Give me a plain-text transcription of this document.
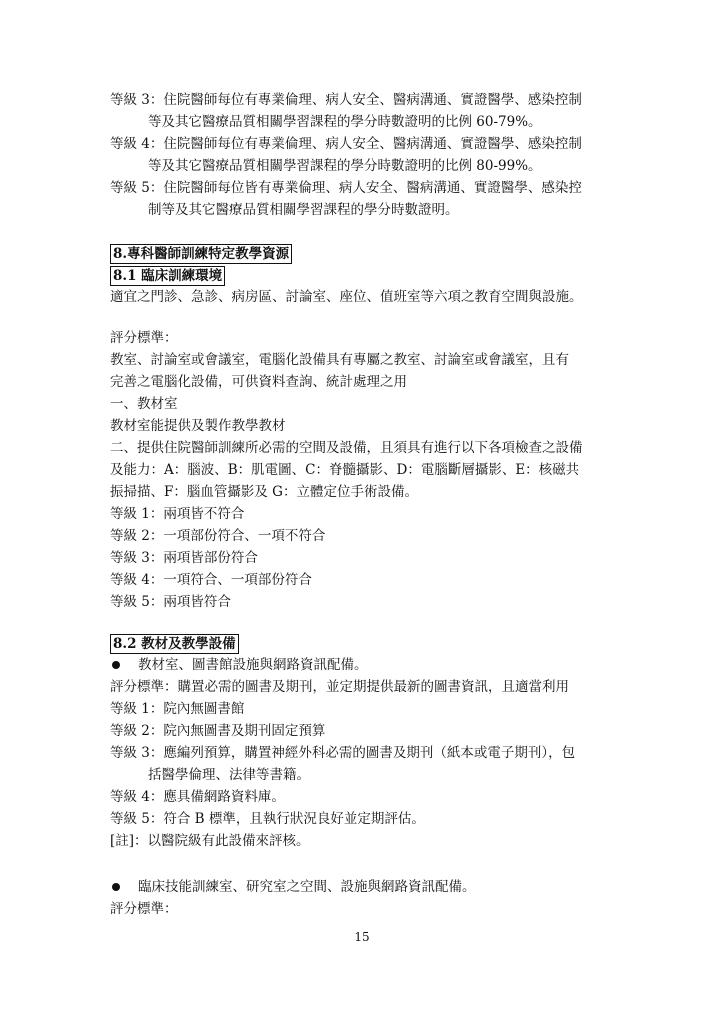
等級 3：住院醫師每位有專業倫理、病人安全、醫病溝通、實證醫學、感染控制
等及其它醫療品質相關學習課程的學分時數證明的比例 60-79%。
等級 4：住院醫師每位有專業倫理、病人安全、醫病溝通、實證醫學、感染控制
等及其它醫療品質相關學習課程的學分時數證明的比例 80-99%。
等級 5：住院醫師每位皆有專業倫理、病人安全、醫病溝通、實證醫學、感染控
制等及其它醫療品質相關學習課程的學分時數證明。
8.專科醫師訓練特定教學資源
8.1 臨床訓練環境
適宜之門診、急診、病房區、討論室、座位、值班室等六項之教育空間與設施。
評分標準：
教室、討論室或會議室，電腦化設備具有專屬之教室、討論室或會議室，且有
完善之電腦化設備，可供資料查詢、統計處理之用
一、教材室
教材室能提供及製作教學教材
二、提供住院醫師訓練所必需的空間及設備，且須具有進行以下各項檢查之設備
及能力：A：腦波、B：肌電圖、C：脊髓攝影、D：電腦斷層攝影、E：核磁共
振掃描、F：腦血管攝影及 G：立體定位手術設備。
等級 1：兩項皆不符合
等級 2：一項部份符合、一項不符合
等級 3：兩項皆部份符合
等級 4：一項符合、一項部份符合
等級 5：兩項皆符合
8.2 教材及教學設備
教材室、圖書館設施與網路資訊配備。
評分標準：購置必需的圖書及期刊，並定期提供最新的圖書資訊，且適當利用
等級 1：院內無圖書館
等級 2：院內無圖書及期刊固定預算
等級 3：應編列預算，購置神經外科必需的圖書及期刊（紙本或電子期刊），包
括醫學倫理、法律等書籍。
等級 4：應具備網路資料庫。
等級 5：符合 B 標準，且執行狀況良好並定期評估。
[註]：以醫院級有此設備來評核。
臨床技能訓練室、研究室之空間、設施與網路資訊配備。
評分標準：
15
